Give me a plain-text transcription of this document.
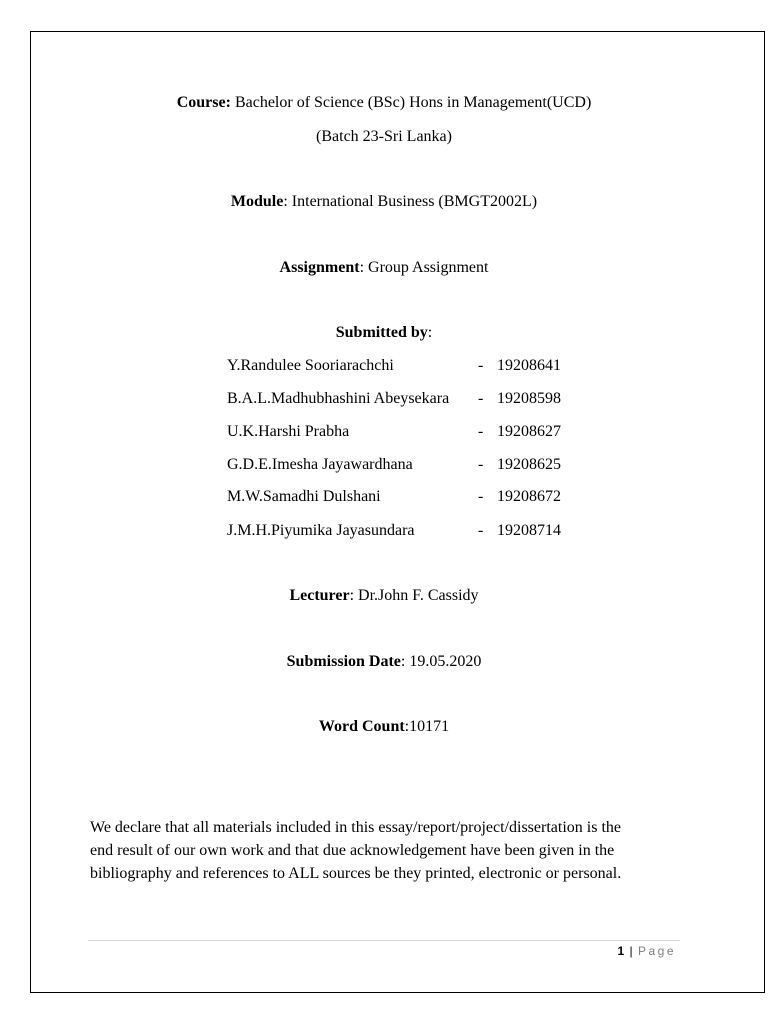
Course: Bachelor of Science (BSc) Hons in Management(UCD)
(Batch 23-Sri Lanka)
Module: International Business (BMGT2002L)
Assignment: Group Assignment
Submitted by:
Y.Randulee Sooriarachchi	- 19208641
B.A.L.Madhubhashini Abeysekara - 19208598
U.K.Harshi Prabha	- 19208627
G.D.E.Imesha Jayawardhana	- 19208625
M.W.Samadhi Dulshani	- 19208672
J.M.H.Piyumika Jayasundara	- 19208714
Lecturer: Dr.John F. Cassidy
Submission Date: 19.05.2020
Word Count:10171
We declare that all materials included in this essay/report/project/dissertation is the
end result of our own work and that due acknowledgement have been given in the
bibliography and references to ALL sources be they printed, electronic or personal.
1 | Page
